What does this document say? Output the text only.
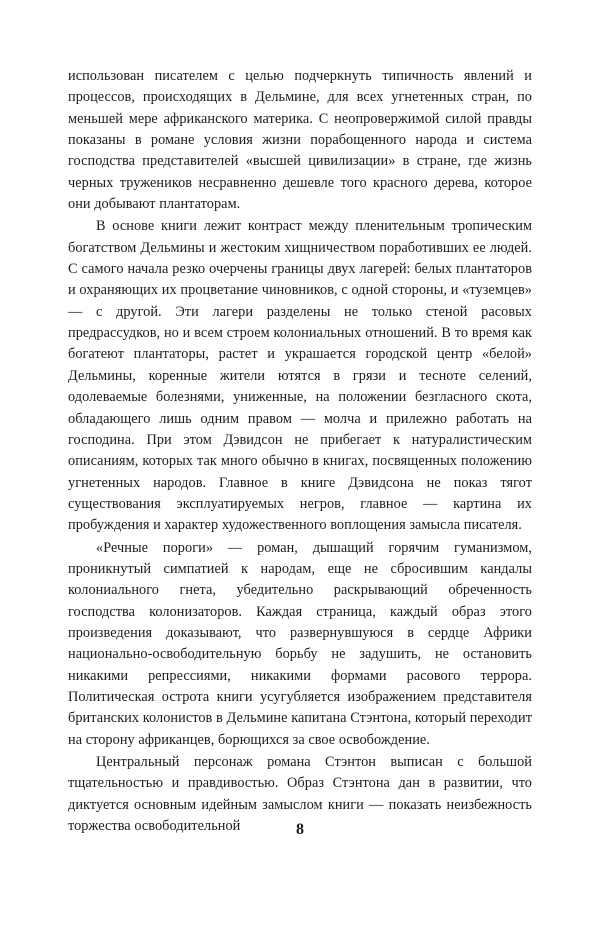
использован писателем с целью подчеркнуть типичность явлений и процессов, происходящих в Дельмине, для всех угнетенных стран, по меньшей мере африканского материка. С неопровержимой силой правды показаны в романе условия жизни порабощенного народа и система господства представителей «высшей цивилизации» в стране, где жизнь черных тружеников несравненно дешевле того красного дерева, которое они добывают плантаторам.

В основе книги лежит контраст между пленительным тропическим богатством Дельмины и жестоким хищничеством поработивших ее людей. С самого начала резко очерчены границы двух лагерей: белых плантаторов и охраняющих их процветание чиновников, с одной стороны, и «туземцев» — с другой. Эти лагери разделены не только стеной расовых предрассудков, но и всем строем колониальных отношений. В то время как богатеют плантаторы, растет и украшается городской центр «белой» Дельмины, коренные жители ютятся в грязи и тесноте селений, одолеваемые болезнями, униженные, на положении безгласного скота, обладающего лишь одним правом — молча и прилежно работать на господина. При этом Дэвидсон не прибегает к натуралистическим описаниям, которых так много обычно в книгах, посвященных положению угнетенных народов. Главное в книге Дэвидсона не показ тягот существования эксплуатируемых негров, главное — картина их пробуждения и характер художественного воплощения замысла писателя.

«Речные пороги» — роман, дышащий горячим гуманизмом, проникнутый симпатией к народам, еще не сбросившим кандалы колониального гнета, убедительно раскрывающий обреченность господства колонизаторов. Каждая страница, каждый образ этого произведения доказывают, что развернувшуюся в сердце Африки национально-освободительную борьбу не задушить, не остановить никакими репрессиями, никакими формами расового террора. Политическая острота книги усугубляется изображением представителя британских колонистов в Дельмине капитана Стэнтона, который переходит на сторону африканцев, борющихся за свое освобождение.

Центральный персонаж романа Стэнтон выписан с большой тщательностью и правдивостью. Образ Стэнтона дан в развитии, что диктуется основным идейным замыслом книги — показать неизбежность торжества освободительной	8
